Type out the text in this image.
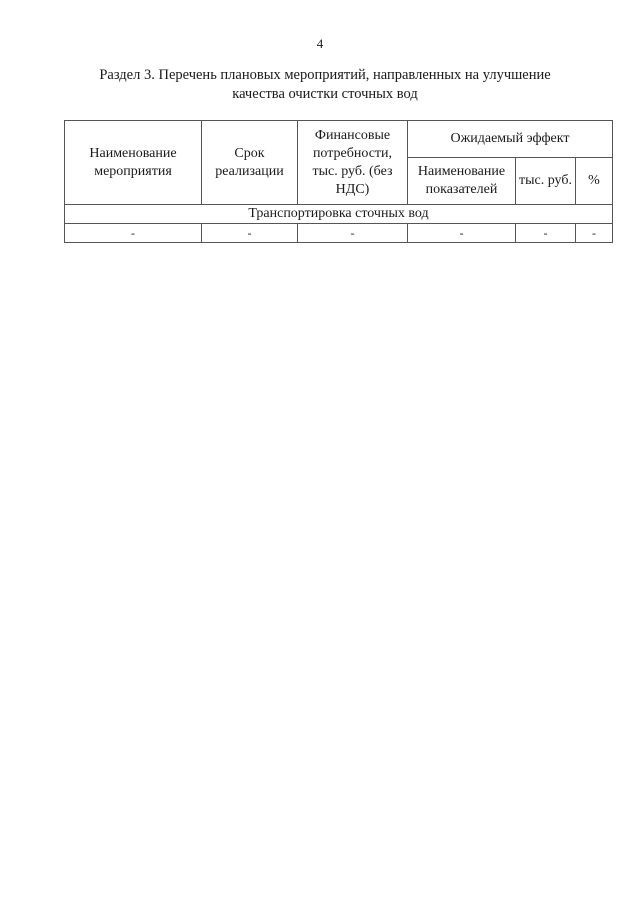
4
Раздел 3. Перечень плановых мероприятий, направленных на улучшение
качества очистки сточных вод
Наименование мероприятия	Срок реализации	Финансовые потребности, тыс. руб. (без НДС)	Ожидаемый эффект		
			Наименование показателей	тыс. руб.	%
Транспортировка сточных вод					
-	-	-	-	-	-
